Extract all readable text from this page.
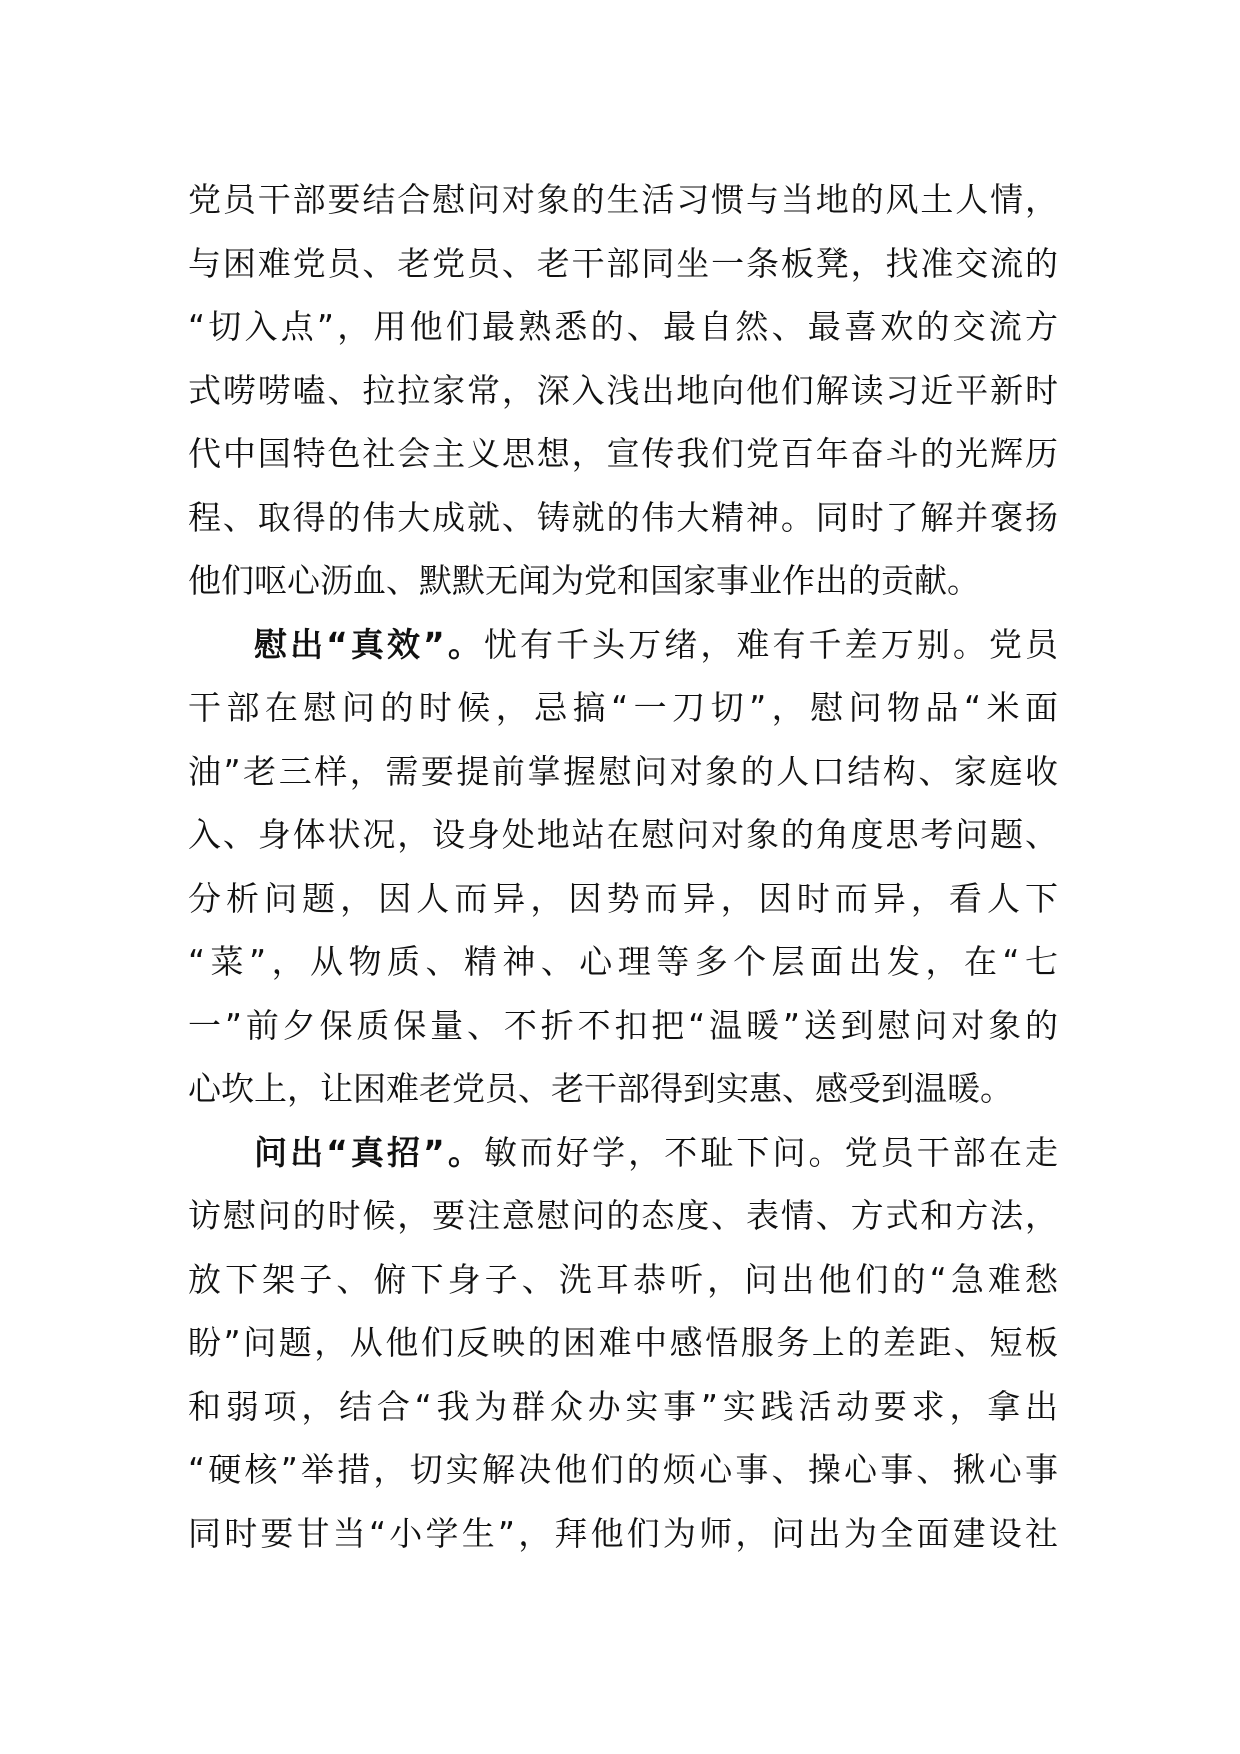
党员干部要结合慰问对象的生活习惯与当地的风土人情，
与困难党员、老党员、老干部同坐一条板凳，找准交流的
“切入点”，用他们最熟悉的、最自然、最喜欢的交流方
式唠唠嗑、拉拉家常，深入浅出地向他们解读习近平新时
代中国特色社会主义思想，宣传我们党百年奋斗的光辉历
程、取得的伟大成就、铸就的伟大精神。同时了解并褒扬
他们呕心沥血、默默无闻为党和国家事业作出的贡献。
慰出“真效”。忧有千头万绪，难有千差万别。党员
干部在慰问的时候，忌搞“一刀切”，慰问物品“米面
油”老三样，需要提前掌握慰问对象的人口结构、家庭收
入、身体状况，设身处地站在慰问对象的角度思考问题、
分析问题，因人而异，因势而异，因时而异，看人下
“菜”，从物质、精神、心理等多个层面出发，在“七
一”前夕保质保量、不折不扣把“温暖”送到慰问对象的
心坎上，让困难老党员、老干部得到实惠、感受到温暖。
问出“真招”。敏而好学，不耻下问。党员干部在走
访慰问的时候，要注意慰问的态度、表情、方式和方法，
放下架子、俯下身子、洗耳恭听，问出他们的“急难愁
盼”问题，从他们反映的困难中感悟服务上的差距、短板
和弱项，结合“我为群众办实事”实践活动要求，拿出
“硬核”举措，切实解决他们的烦心事、操心事、揪心事
同时要甘当“小学生”，拜他们为师，问出为全面建设社
